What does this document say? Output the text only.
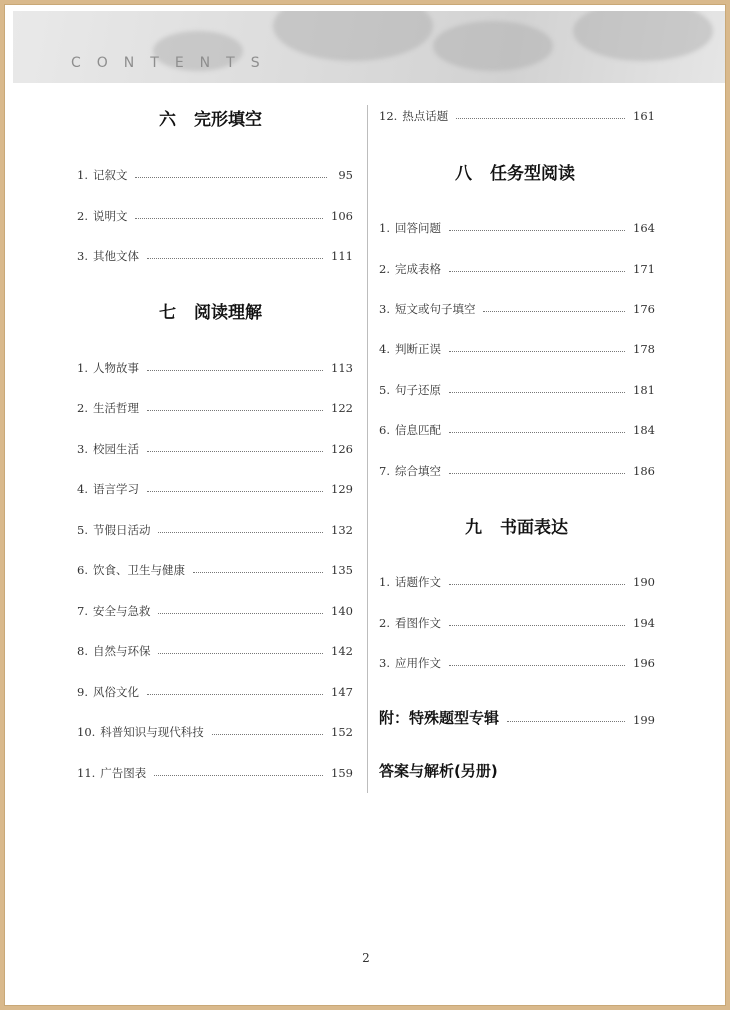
CONTENTS
六 完形填空
1. 记叙文	95
2. 说明文	106
3. 其他文体	111
七 阅读理解
1. 人物故事	113
2. 生活哲理	122
3. 校园生活	126
4. 语言学习	129
5. 节假日活动	132
6. 饮食、卫生与健康	135
7. 安全与急救	140
8. 自然与环保	142
9. 风俗文化	147
10. 科普知识与现代科技	152
11. 广告图表	159
12. 热点话题	161
八 任务型阅读
1. 回答问题	164
2. 完成表格	171
3. 短文或句子填空	176
4. 判断正误	178
5. 句子还原	181
6. 信息匹配	184
7. 综合填空	186
九 书面表达
1. 话题作文	190
2. 看图作文	194
3. 应用作文	196
附：特殊题型专辑	199
答案与解析(另册)
2
